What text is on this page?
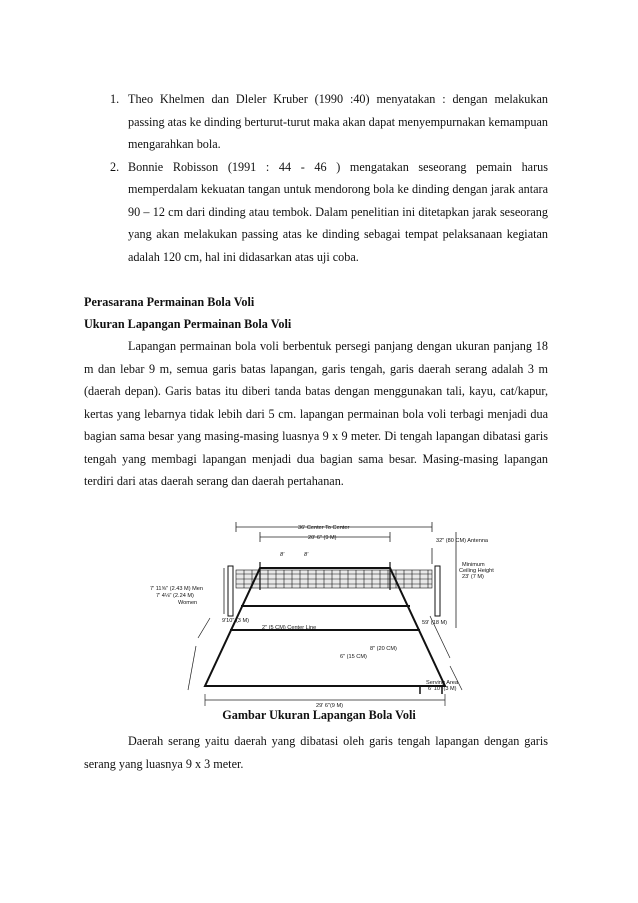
1. Theo Khelmen dan Dleler Kruber (1990 :40) menyatakan : dengan melakukan passing atas ke dinding berturut-turut maka akan dapat menyempurnakan kemampuan mengarahkan bola.

2. Bonnie Robisson (1991 : 44 - 46 ) mengatakan seseorang pemain harus memperdalam kekuatan tangan untuk mendorong bola ke dinding dengan jarak antara 90 – 12 cm dari dinding atau tembok. Dalam penelitian ini ditetapkan jarak seseorang yang akan melakukan passing atas ke dinding sebagai tempat pelaksanaan kegiatan adalah 120 cm, hal ini didasarkan atas uji coba.

Perasarana Permainan Bola Voli
Ukuran Lapangan Permainan Bola Voli

Lapangan permainan bola voli berbentuk persegi panjang dengan ukuran panjang 18 m dan lebar 9 m, semua garis batas lapangan, garis tengah, garis daerah serang adalah 3 m (daerah depan). Garis batas itu diberi tanda batas dengan menggunakan tali, kayu, cat/kapur, kertas yang lebarnya tidak lebih dari 5 cm. lapangan permainan bola voli terbagi menjadi dua bagian sama besar yang masing-masing luasnya 9 x 9 meter. Di tengah lapangan dibatasi garis tengah yang membagi lapangan menjadi dua bagian sama besar. Masing-masing lapangan terdiri dari atas daerah serang dan daerah pertahanan.

36' Center To Center
20' 6" (9 M)	32" (80 CM) Antenna
Minimum
Ceiling Height
23' (7 M)
7' 11⅝" (2.43 M) Men
7' 4⅛" (2.24 M)
Women
9'10" (3 M)
2" (5 CM) Center Line
59' (18 M)
6" (15 CM)
8" (20 CM)
Serving Area
6' 10" (3 M)
29' 6"(9 M)
8'	8'
Gambar Ukuran Lapangan Bola Voli

Daerah serang yaitu daerah yang dibatasi oleh garis tengah lapangan dengan garis serang yang luasnya 9 x 3 meter.
